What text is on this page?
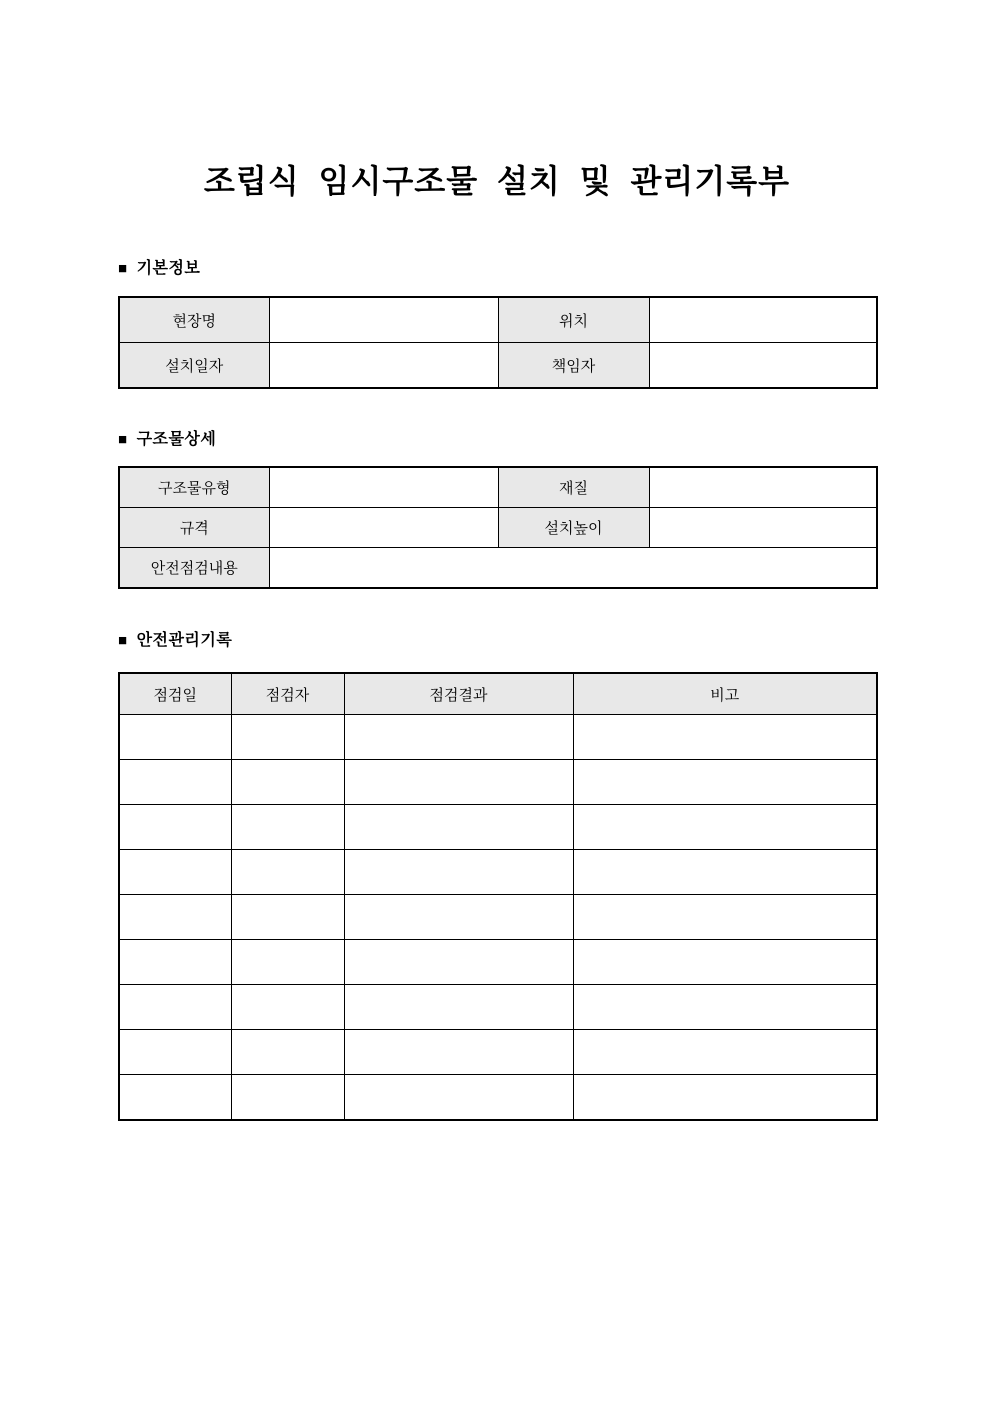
조립식 임시구조물 설치 및 관리기록부
■ 기본정보
현장명		위치	
설치일자		책임자	
■ 구조물상세
구조물유형		재질	
규격		설치높이	
안전점검내용			
■ 안전관리기록
점검일	점검자	점검결과	비고
